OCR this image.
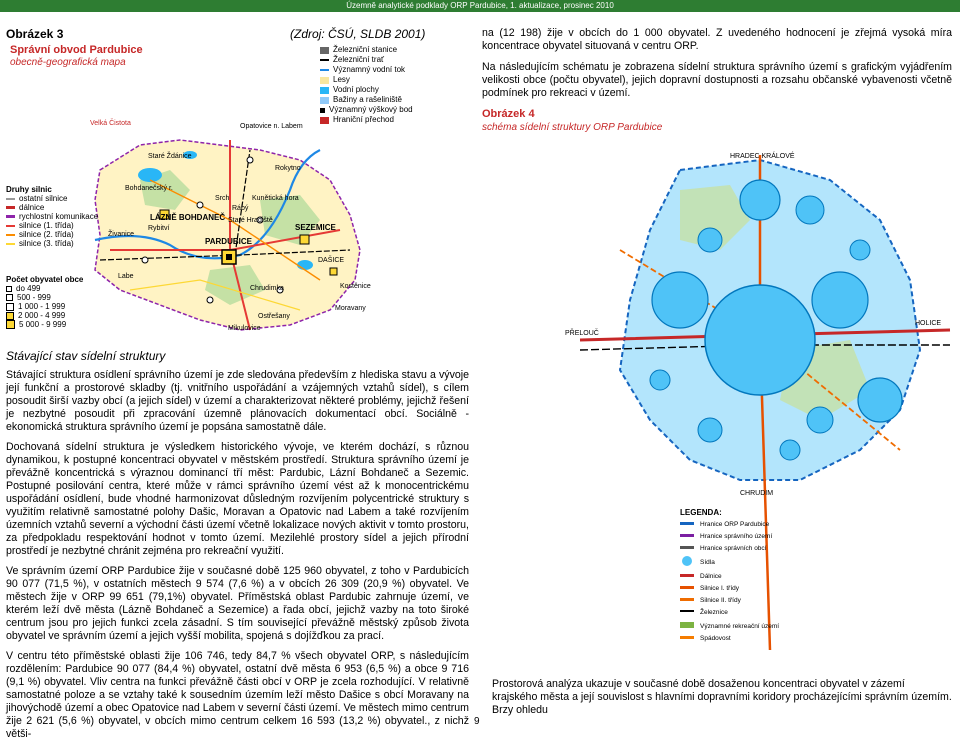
Územně analytické podklady ORP Pardubice, 1. aktualizace, prosinec 2010
Obrázek 3	(Zdroj: ČSÚ, SLDB 2001)
Velká Čistota
Staré Ždánice
Opatovice n. Labem
Bohdanečský r.
Rokytno
LÁZNĚ BOHDANEČ
Srch
Rábý
Kunětická hora
Staré Hradiště
Rybitví
Živanice
PARDUBICE
SEZEMICE
DAŠICE
Kostěnice
Moravany
Ostřešany
Mikulovice
Chrudimka
Labe
Správní obvod Pardubice
obecně-geografická mapa
Železniční stanice
Železniční trať
Významný vodní tok
Lesy
Vodní plochy
Bažiny a rašeliniště
Významný výškový bod
Hraniční přechod
Druhy silnic
ostatní silnice
dálnice
rychlostní komunikace
silnice (1. třída)
silnice (2. třída)
silnice (3. třída)
Počet obyvatel obce
do 499
500 - 999
1 000 - 1 999
2 000 - 4 999
5 000 - 9 999
Stávající stav sídelní struktury

Stávající struktura osídlení správního území je zde sledována především z hlediska stavu a vývoje její funkční a prostorové skladby (tj. vnitřního uspořádání a vzájemných vztahů sídel), s cílem posoudit širší vazby obcí (a jejich sídel) v území a charakterizovat některé problémy, jejichž řešení je nezbytné posoudit při zpracování územně plánovacích dokumentací obcí. Sociálně - ekonomická struktura správního území je popsána samostatně dále.

Dochovaná sídelní struktura je výsledkem historického vývoje, ve kterém dochází, s různou dynamikou, k postupné koncentraci obyvatel v městském prostředí. Struktura správního území je převážně koncentrická s výraznou dominancí tří měst: Pardubic, Lázní Bohdaneč a Sezemic. Postupné posilování centra, které může v rámci správního území vést až k monocentrickému uspořádání osídlení, bude vhodné harmonizovat důsledným rozvíjením polycentrické struktury s využitím relativně samostatné polohy Dašic, Moravan a Opatovic nad Labem a také rozvíjením územních vztahů severní a východní části území včetně lokalizace nových aktivit v tomto prostoru, za předpokladu respektování hodnot v tomto území. Mezilehlé prostory sídel a jejich přírodní prostředí je nezbytné chránit zejména pro rekreační využití.

Ve správním území ORP Pardubice žije v současné době 125 960 obyvatel, z toho v Pardubicích 90 077 (71,5 %), v ostatních městech 9 574 (7,6 %) a v obcích 26 309 (20,9 %) obyvatel. Ve městech žije v ORP 99 651 (79,1%) obyvatel. Příměstská oblast Pardubic zahrnuje území, ve kterém leží dvě města (Lázně Bohdaneč a Sezemice) a řada obcí, jejichž vazby na toto široké centrum jsou pro jejich funkci zcela zásadní. S tím související převážně městský způsob života obyvatel ve správním území a jejich vyšší mobilita, spojená s dojížďkou za prací.

V centru této příměstské oblasti žije 106 746, tedy 84,7 % všech obyvatel ORP, s následujícím rozdělením: Pardubice 90 077 (84,4 %) obyvatel, ostatní dvě města 6 953 (6,5 %) a obce 9 716 (9,1 %) obyvatel. Vliv centra na funkci převážně části obcí v ORP je zcela rozhodující. V relativně samostatné poloze a se vztahy také k sousedním územím leží město Dašice s obcí Moravany na jihovýchodě území a obec Opatovice nad Labem v severní části území. Ve městech mimo centrum žije 2 621 (5,6 %) obyvatel, v obcích mimo centrum celkem 16 593 (13,2 %) obyvatel., z nichž větši-

9

na (12 198) žije v obcích do 1 000 obyvatel. Z uvedeného hodnocení je zřejmá vysoká míra koncentrace obyvatel situovaná v centru ORP.

Na následujícím schématu je zobrazena sídelní struktura správního území s grafickým vyjádřením velikosti obce (počtu obyvatel), jejich dopravní dostupnosti a rozsahu občanské vybavenosti včetně podmínek pro rekreaci v území.

Obrázek 4
schéma sídelní struktury ORP Pardubice
HRADEC KRÁLOVÉ
PŘELOUČ
HOLICE
CHRUDIM
LEGENDA:
Hranice ORP Pardubice
Hranice správního území
Hranice správních obcí
Sídla
Dálnice
Silnice I. třídy
Silnice II. třídy
Železnice
Významné rekreační území
Spádovost
Prostorová analýza ukazuje v současné době dosaženou koncentraci obyvatel v zázemí krajského města a její souvislost s hlavními dopravními koridory procházejícími správním územím. Brzy ohledu
